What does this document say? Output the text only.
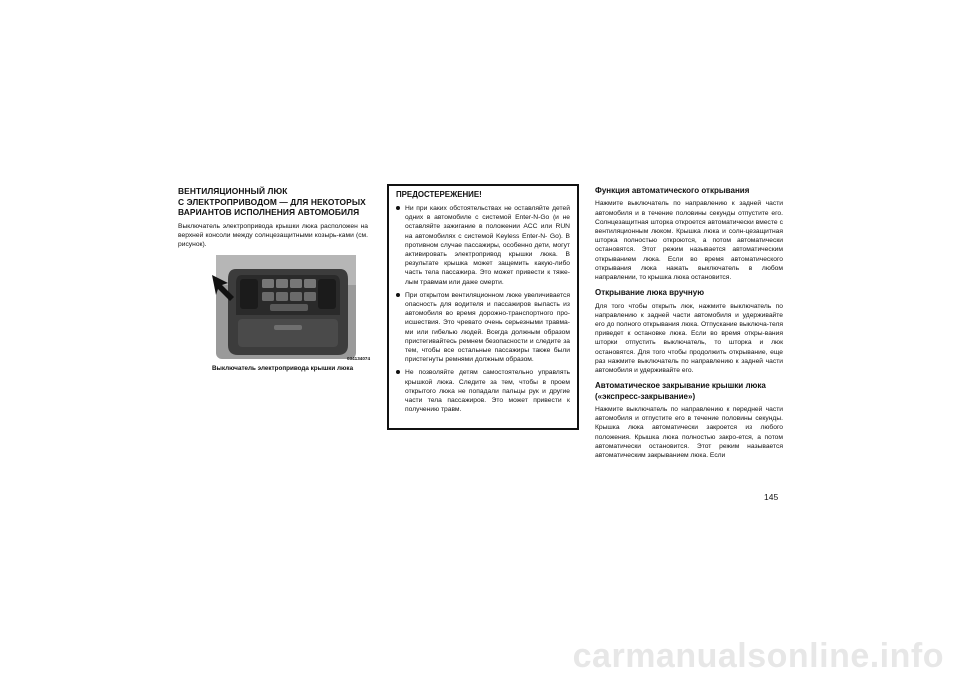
ВЕНТИЛЯЦИОННЫЙ ЛЮК
С ЭЛЕКТРОПРИВОДОМ — ДЛЯ НЕКОТОРЫХ
ВАРИАНТОВ ИСПОЛНЕНИЯ АВТОМОБИЛЯ

Выключатель электропривода крышки люка расположен на верхней консоли между солнцезащитными козырь-ками (см. рисунок).

034134074
Выключатель электропривода крышки люка
ПРЕДОСТЕРЕЖЕНИЕ!
Ни при каких обстоятельствах не оставляйте детей одних в автомобиле с системой Enter-N-Go (и не оставляйте зажигание в положении ACC или RUN на автомобилях с системой Keyless Enter-N- Go). В противном случае пассажиры, особенно дети, могут активировать электропривод крышки люка. В результате крышка может защемить какую-либо часть тела пассажира. Это может привести к тяже-лым травмам или даже смерти.
При открытом вентиляционном люке увеличивается опасность для водителя и пассажиров выпасть из автомобиля во время дорожно-транспортного про-исшествия. Это чревато очень серьезными травма-ми или гибелью людей. Всегда должным образом пристегивайтесь ремнем безопасности и следите за тем, чтобы все остальные пассажиры также были пристегнуты ремнями должным образом.
Не позволяйте детям самостоятельно управлять крышкой люка. Следите за тем, чтобы в проем открытого люка не попадали пальцы рук и другие части тела пассажиров. Это может привести к получению травм.
Функция автоматического открывания

Нажмите выключатель по направлению к задней части автомобиля и в течение половины секунды отпустите его. Солнцезащитная шторка откроется автоматически вместе с вентиляционным люком. Крышка люка и солн-цезащитная шторка полностью откроются, а потом автоматически остановятся. Этот режим называется автоматическим открыванием люка. Если во время автоматического открывания люка нажать выключатель в любом направлении, то крышка люка остановится.

Открывание люка вручную

Для того чтобы открыть люк, нажмите выключатель по направлению к задней части автомобиля и удерживайте его до полного открывания люка. Отпускание выключа-теля приведет к остановке люка. Если во время откры-вания шторки отпустить выключатель, то шторка и люк остановятся. Для того чтобы продолжить открывание, еще раз нажмите выключатель по направлению к задней части автомобиля и удерживайте его.

Автоматическое закрывание крышки люка («экспресс-закрывание»)

Нажмите выключатель по направлению к передней части автомобиля и отпустите его в течение половины секунды. Крышка люка автоматически закроется из любого положения. Крышка люка полностью закро-ется, а потом автоматически остановится. Этот режим называется автоматическим закрыванием люка. Если

145
carmanualsonline.info
